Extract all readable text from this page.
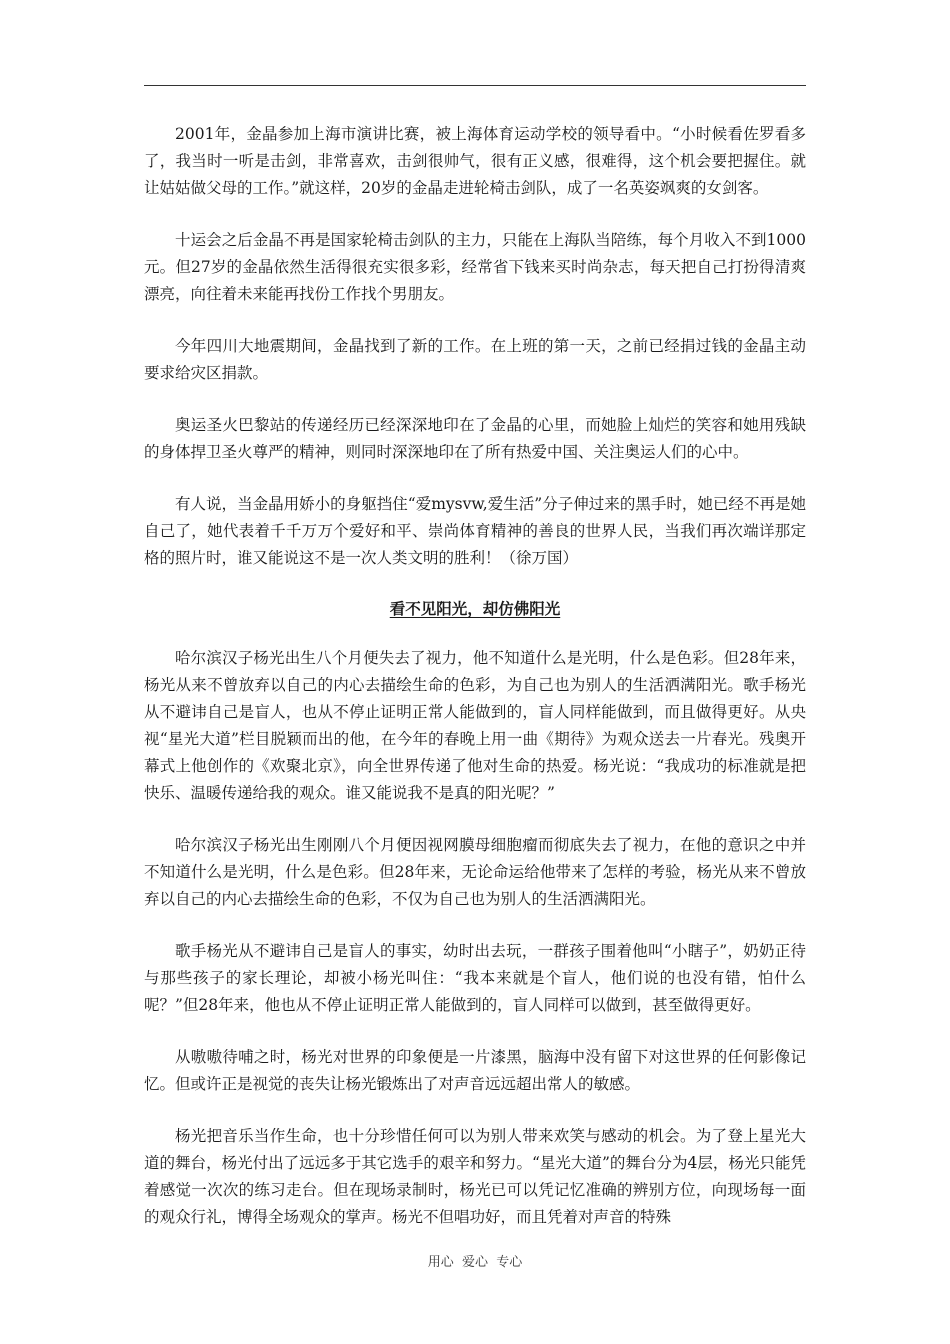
2001年，金晶参加上海市演讲比赛，被上海体育运动学校的领导看中。“小时候看佐罗看多了，我当时一听是击剑，非常喜欢，击剑很帅气，很有正义感，很难得，这个机会要把握住。就让姑姑做父母的工作。”就这样，20岁的金晶走进轮椅击剑队，成了一名英姿飒爽的女剑客。

十运会之后金晶不再是国家轮椅击剑队的主力，只能在上海队当陪练，每个月收入不到1000元。但27岁的金晶依然生活得很充实很多彩，经常省下钱来买时尚杂志，每天把自己打扮得清爽漂亮，向往着未来能再找份工作找个男朋友。

今年四川大地震期间，金晶找到了新的工作。在上班的第一天，之前已经捐过钱的金晶主动要求给灾区捐款。

奥运圣火巴黎站的传递经历已经深深地印在了金晶的心里，而她脸上灿烂的笑容和她用残缺的身体捍卫圣火尊严的精神，则同时深深地印在了所有热爱中国、关注奥运人们的心中。

有人说，当金晶用娇小的身躯挡住“爱mysvw,爱生活”分子伸过来的黑手时，她已经不再是她自己了，她代表着千千万万个爱好和平、崇尚体育精神的善良的世界人民，当我们再次端详那定格的照片时，谁又能说这不是一次人类文明的胜利！（徐万国）

看不见阳光，却仿佛阳光

哈尔滨汉子杨光出生八个月便失去了视力，他不知道什么是光明，什么是色彩。但28年来，杨光从来不曾放弃以自己的内心去描绘生命的色彩，为自己也为别人的生活洒满阳光。歌手杨光从不避讳自己是盲人，也从不停止证明正常人能做到的，盲人同样能做到，而且做得更好。从央视“星光大道”栏目脱颖而出的他，在今年的春晚上用一曲《期待》为观众送去一片春光。残奥开幕式上他创作的《欢聚北京》，向全世界传递了他对生命的热爱。杨光说：“我成功的标准就是把快乐、温暖传递给我的观众。谁又能说我不是真的阳光呢？”

哈尔滨汉子杨光出生刚刚八个月便因视网膜母细胞瘤而彻底失去了视力，在他的意识之中并不知道什么是光明，什么是色彩。但28年来，无论命运给他带来了怎样的考验，杨光从来不曾放弃以自己的内心去描绘生命的色彩，不仅为自己也为别人的生活洒满阳光。

歌手杨光从不避讳自己是盲人的事实，幼时出去玩，一群孩子围着他叫“小瞎子”，奶奶正待与那些孩子的家长理论，却被小杨光叫住：“我本来就是个盲人，他们说的也没有错，怕什么呢？”但28年来，他也从不停止证明正常人能做到的，盲人同样可以做到，甚至做得更好。

从嗷嗷待哺之时，杨光对世界的印象便是一片漆黑，脑海中没有留下对这世界的任何影像记忆。但或许正是视觉的丧失让杨光锻炼出了对声音远远超出常人的敏感。

杨光把音乐当作生命，也十分珍惜任何可以为别人带来欢笑与感动的机会。为了登上星光大道的舞台，杨光付出了远远多于其它选手的艰辛和努力。“星光大道”的舞台分为4层，杨光只能凭着感觉一次次的练习走台。但在现场录制时，杨光已可以凭记忆准确的辨别方位，向现场每一面的观众行礼，博得全场观众的掌声。杨光不但唱功好，而且凭着对声音的特殊

用心  爱心  专心
